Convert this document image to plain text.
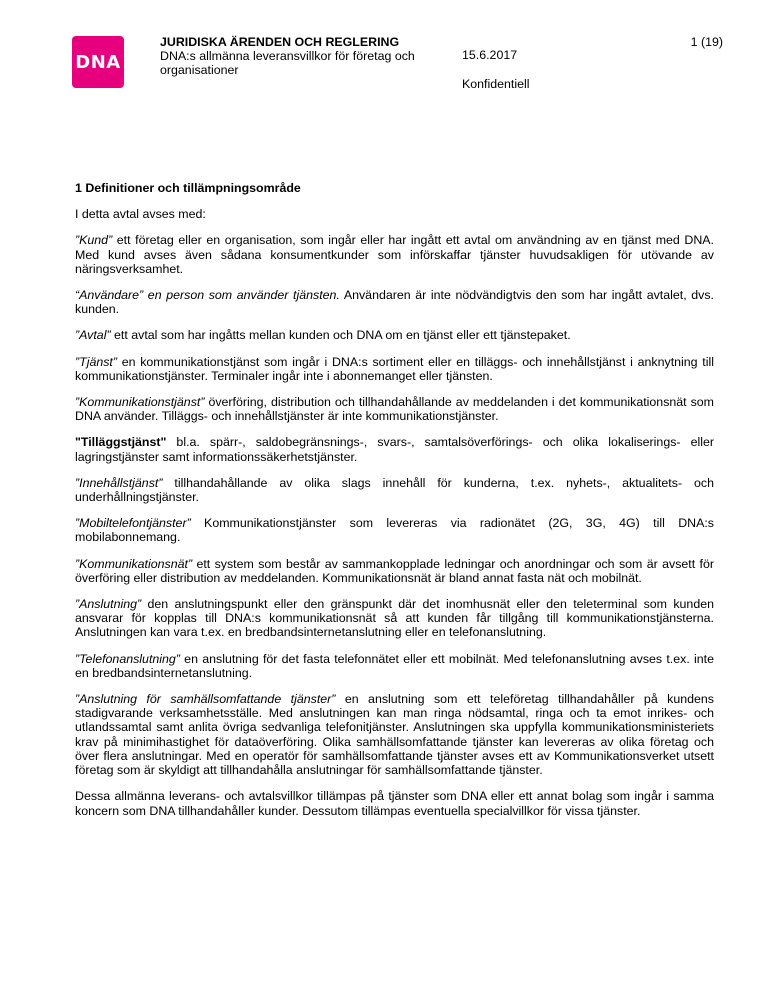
DNA
JURIDISKA ÄRENDEN OCH REGLERING
DNA:s allmänna leveransvillkor för företag och organisationer
15.6.2017
Konfidentiell
1 (19)
1 Definitioner och tillämpningsområde
I detta avtal avses med:

”Kund” ett företag eller en organisation, som ingår eller har ingått ett avtal om användning av en tjänst med DNA. Med kund avses även sådana konsumentkunder som införskaffar tjänster huvudsakligen för utövande av näringsverksamhet.

“Användare” en person som använder tjänsten. Användaren är inte nödvändigtvis den som har ingått avtalet, dvs. kunden.

”Avtal” ett avtal som har ingåtts mellan kunden och DNA om en tjänst eller ett tjänstepaket.

”Tjänst” en kommunikationstjänst som ingår i DNA:s sortiment eller en tilläggs- och innehållstjänst i anknytning till kommunikationstjänster. Terminaler ingår inte i abonnemanget eller tjänsten.

”Kommunikationstjänst” överföring, distribution och tillhandahållande av meddelanden i det kommunikationsnät som DNA använder. Tilläggs- och innehållstjänster är inte kommunikationstjänster.

"Tilläggstjänst" bl.a. spärr-, saldobegränsnings-, svars-, samtalsöverförings- och olika lokaliserings- eller lagringstjänster samt informationssäkerhetstjänster.

”Innehållstjänst” tillhandahållande av olika slags innehåll för kunderna, t.ex. nyhets-, aktualitets- och underhållningstjänster.

”Mobiltelefontjänster” Kommunikationstjänster som levereras via radionätet (2G, 3G, 4G) till DNA:s mobilabonnemang.

”Kommunikationsnät” ett system som består av sammankopplade ledningar och anordningar och som är avsett för överföring eller distribution av meddelanden. Kommunikationsnät är bland annat fasta nät och mobilnät.

”Anslutning” den anslutningspunkt eller den gränspunkt där det inomhusnät eller den teleterminal som kunden ansvarar för kopplas till DNA:s kommunikationsnät så att kunden får tillgång till kommunikationstjänsterna. Anslutningen kan vara t.ex. en bredbandsinternetanslutning eller en telefonanslutning.

”Telefonanslutning” en anslutning för det fasta telefonnätet eller ett mobilnät. Med telefonanslutning avses t.ex. inte en bredbandsinternetanslutning.

”Anslutning för samhällsomfattande tjänster” en anslutning som ett teleföretag tillhandahåller på kundens stadigvarande verksamhetsställe. Med anslutningen kan man ringa nödsamtal, ringa och ta emot inrikes- och utlandssamtal samt anlita övriga sedvanliga telefonitjänster. Anslutningen ska uppfylla kommunikationsministeriets krav på minimihastighet för dataöverföring. Olika samhällsomfattande tjänster kan levereras av olika företag och över flera anslutningar. Med en operatör för samhällsomfattande tjänster avses ett av Kommunikationsverket utsett företag som är skyldigt att tillhandahålla anslutningar för samhällsomfattande tjänster.

Dessa allmänna leverans- och avtalsvillkor tillämpas på tjänster som DNA eller ett annat bolag som ingår i samma koncern som DNA tillhandahåller kunder. Dessutom tillämpas eventuella specialvillkor för vissa tjänster.
